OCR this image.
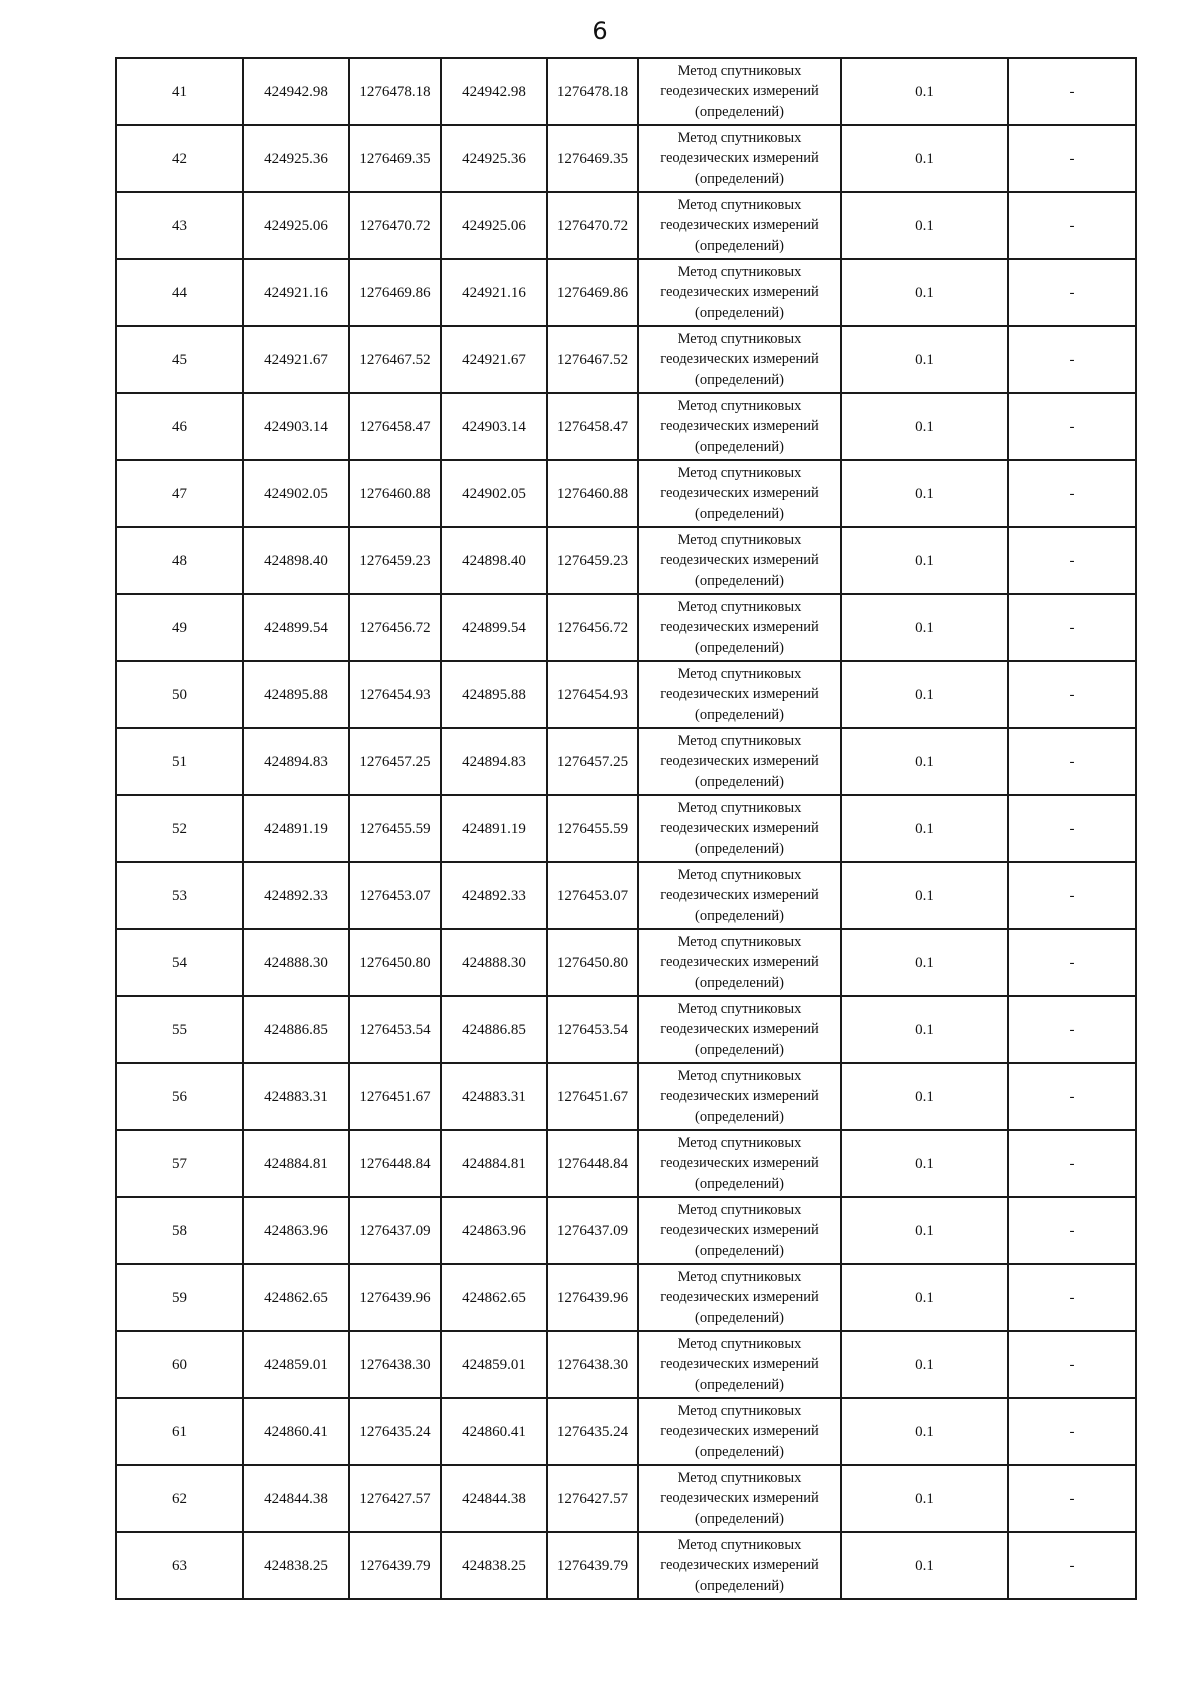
6
41	424942.98	1276478.18	424942.98	1276478.18	Метод спутниковых
геодезических измерений
(определений)	0.1	-
42	424925.36	1276469.35	424925.36	1276469.35	Метод спутниковых
геодезических измерений
(определений)	0.1	-
43	424925.06	1276470.72	424925.06	1276470.72	Метод спутниковых
геодезических измерений
(определений)	0.1	-
44	424921.16	1276469.86	424921.16	1276469.86	Метод спутниковых
геодезических измерений
(определений)	0.1	-
45	424921.67	1276467.52	424921.67	1276467.52	Метод спутниковых
геодезических измерений
(определений)	0.1	-
46	424903.14	1276458.47	424903.14	1276458.47	Метод спутниковых
геодезических измерений
(определений)	0.1	-
47	424902.05	1276460.88	424902.05	1276460.88	Метод спутниковых
геодезических измерений
(определений)	0.1	-
48	424898.40	1276459.23	424898.40	1276459.23	Метод спутниковых
геодезических измерений
(определений)	0.1	-
49	424899.54	1276456.72	424899.54	1276456.72	Метод спутниковых
геодезических измерений
(определений)	0.1	-
50	424895.88	1276454.93	424895.88	1276454.93	Метод спутниковых
геодезических измерений
(определений)	0.1	-
51	424894.83	1276457.25	424894.83	1276457.25	Метод спутниковых
геодезических измерений
(определений)	0.1	-
52	424891.19	1276455.59	424891.19	1276455.59	Метод спутниковых
геодезических измерений
(определений)	0.1	-
53	424892.33	1276453.07	424892.33	1276453.07	Метод спутниковых
геодезических измерений
(определений)	0.1	-
54	424888.30	1276450.80	424888.30	1276450.80	Метод спутниковых
геодезических измерений
(определений)	0.1	-
55	424886.85	1276453.54	424886.85	1276453.54	Метод спутниковых
геодезических измерений
(определений)	0.1	-
56	424883.31	1276451.67	424883.31	1276451.67	Метод спутниковых
геодезических измерений
(определений)	0.1	-
57	424884.81	1276448.84	424884.81	1276448.84	Метод спутниковых
геодезических измерений
(определений)	0.1	-
58	424863.96	1276437.09	424863.96	1276437.09	Метод спутниковых
геодезических измерений
(определений)	0.1	-
59	424862.65	1276439.96	424862.65	1276439.96	Метод спутниковых
геодезических измерений
(определений)	0.1	-
60	424859.01	1276438.30	424859.01	1276438.30	Метод спутниковых
геодезических измерений
(определений)	0.1	-
61	424860.41	1276435.24	424860.41	1276435.24	Метод спутниковых
геодезических измерений
(определений)	0.1	-
62	424844.38	1276427.57	424844.38	1276427.57	Метод спутниковых
геодезических измерений
(определений)	0.1	-
63	424838.25	1276439.79	424838.25	1276439.79	Метод спутниковых
геодезических измерений
(определений)	0.1	-
